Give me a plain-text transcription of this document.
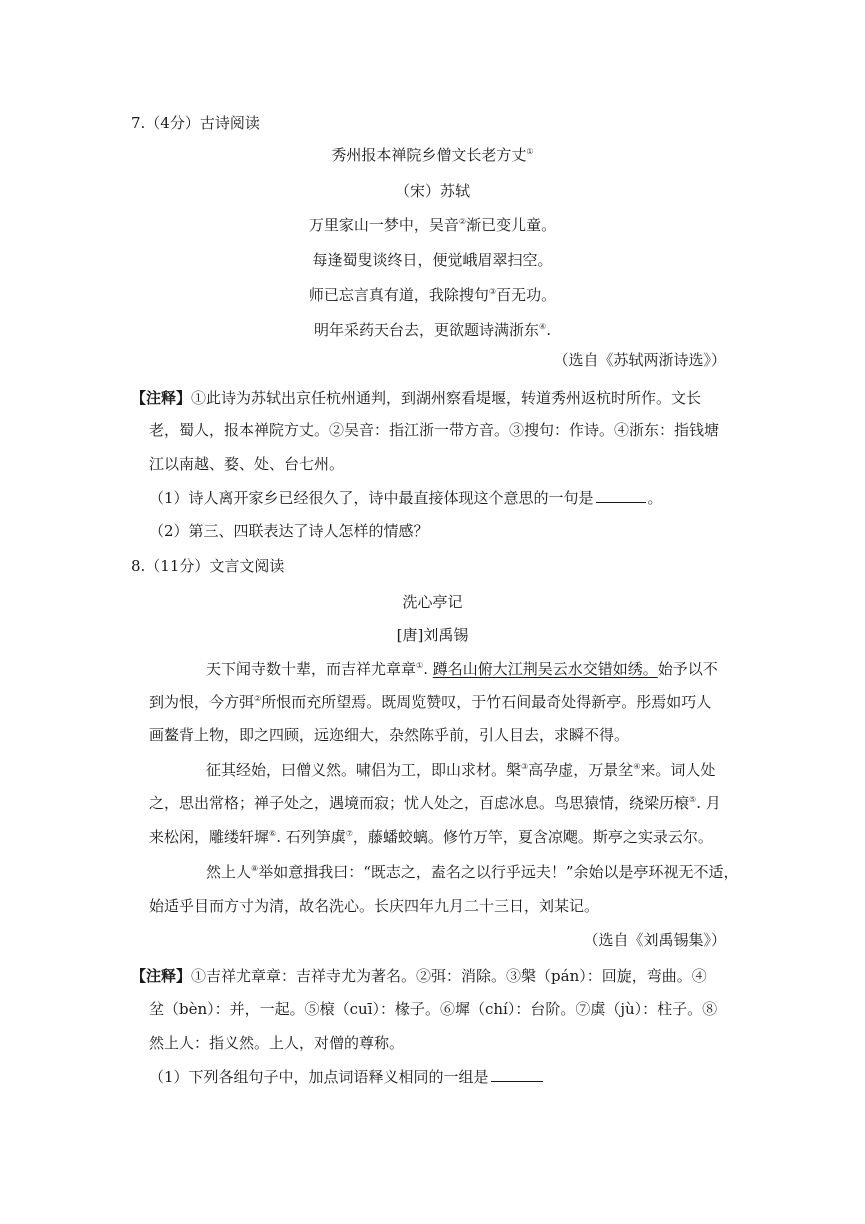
7.（4分）古诗阅读
秀州报本禅院乡僧文长老方丈①
（宋）苏轼
万里家山一梦中，吴音②渐已变儿童。
每逢蜀叟谈终日，便觉峨眉翠扫空。
师已忘言真有道，我除搜句③百无功。
明年采药天台去，更欲题诗满浙东④.
（选自《苏轼两浙诗选》）
【注释】①此诗为苏轼出京任杭州通判，到湖州察看堤堰，转道秀州返杭时所作。文长
老，蜀人，报本禅院方丈。②吴音：指江浙一带方音。③搜句：作诗。④浙东：指钱塘
江以南越、婺、处、台七州。
（1）诗人离开家乡已经很久了，诗中最直接体现这个意思的一句是	。
（2）第三、四联表达了诗人怎样的情感？
8.（11分）文言文阅读
洗心亭记
[唐]刘禹锡
天下闻寺数十辈，而吉祥尤章章①. 蹲名山俯大江荆吴云水交错如绣。始予以不
到为恨，今方弭②所恨而充所望焉。既周览赞叹，于竹石间最奇处得新亭。彤焉如巧人
画鳌背上物，即之四顾，远迩细大，杂然陈乎前，引人目去，求瞬不得。
征其经始，曰僧义然。啸侣为工，即山求材。槃③高孕虚，万景坌④来。词人处
之，思出常格；禅子处之，遇境而寂；忧人处之，百虑冰息。鸟思猿情，绕梁历榱⑤. 月
来松闲，雕缕轩墀⑥. 石列笋虡⑦，藤蟠蛟螭。修竹万竿，夏含凉飔。斯亭之实录云尔。
然上人⑧举如意揖我曰：“既志之，盍名之以行乎远夫！”余始以是亭环视无不适，
始适乎目而方寸为清，故名洗心。长庆四年九月二十三日，刘某记。
（选自《刘禹锡集》）
【注释】①吉祥尤章章：吉祥寺尤为著名。②弭：消除。③槃（pán）：回旋，弯曲。④
坌（bèn）：并，一起。⑤榱（cuī）：椽子。⑥墀（chí）：台阶。⑦虡（jù）：柱子。⑧
然上人：指义然。上人，对僧的尊称。
（1）下列各组句子中，加点词语释义相同的一组是
